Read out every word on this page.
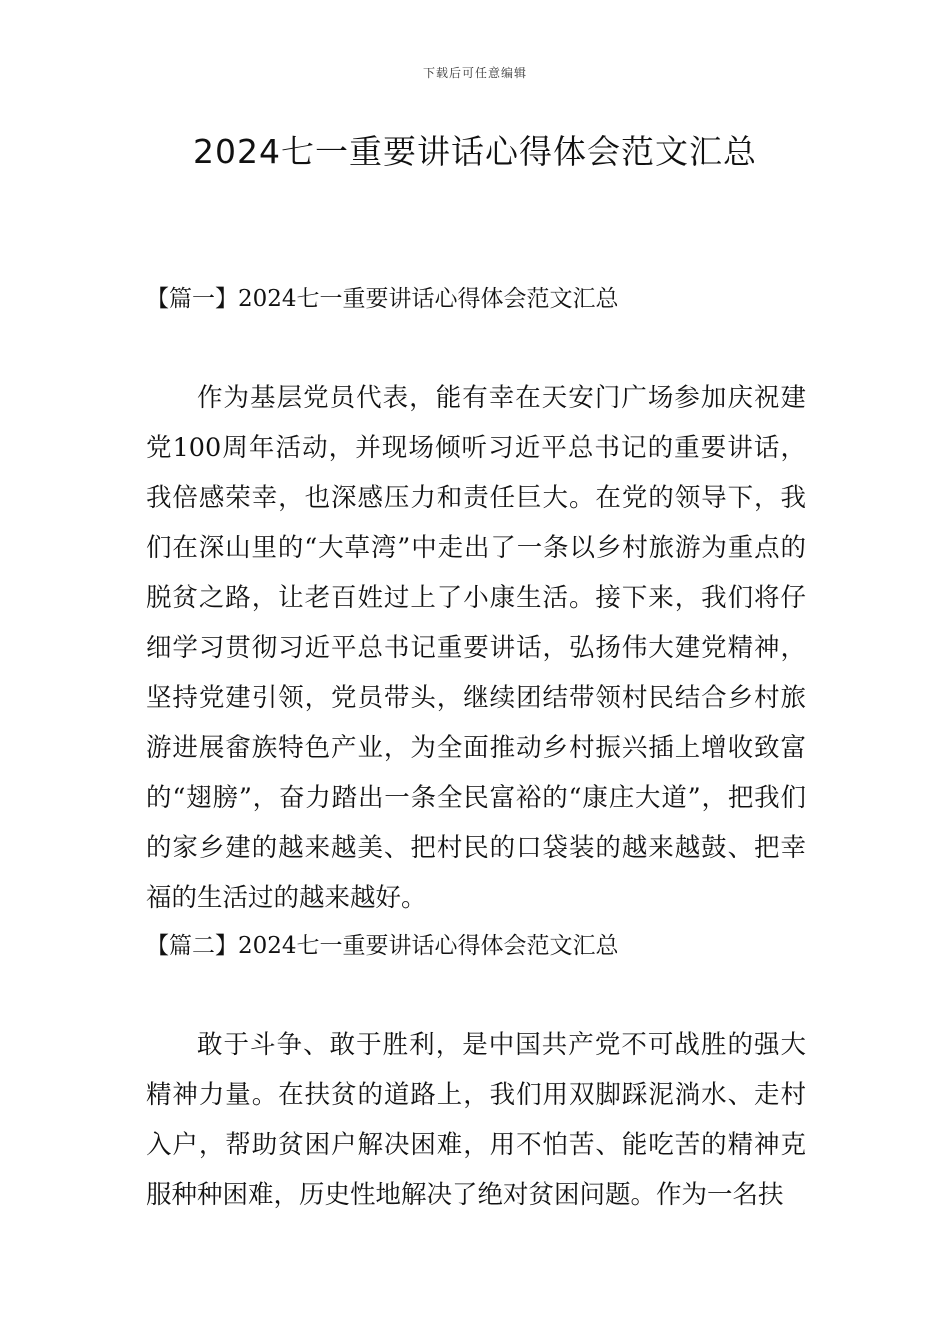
下载后可任意编辑
2024七一重要讲话心得体会范文汇总
【篇一】2024七一重要讲话心得体会范文汇总

作为基层党员代表，能有幸在天安门广场参加庆祝建党100周年活动，并现场倾听习近平总书记的重要讲话，我倍感荣幸，也深感压力和责任巨大。在党的领导下，我们在深山里的“大草湾”中走出了一条以乡村旅游为重点的脱贫之路，让老百姓过上了小康生活。接下来，我们将仔细学习贯彻习近平总书记重要讲话，弘扬伟大建党精神，坚持党建引领，党员带头，继续团结带领村民结合乡村旅游进展畲族特色产业，为全面推动乡村振兴插上增收致富的“翅膀”，奋力踏出一条全民富裕的“康庄大道”，把我们的家乡建的越来越美、把村民的口袋装的越来越鼓、把幸福的生活过的越来越好。

【篇二】2024七一重要讲话心得体会范文汇总

敢于斗争、敢于胜利，是中国共产党不可战胜的强大精神力量。在扶贫的道路上，我们用双脚踩泥淌水、走村入户，帮助贫困户解决困难，用不怕苦、能吃苦的精神克服种种困难，历史性地解决了绝对贫困问题。作为一名扶
